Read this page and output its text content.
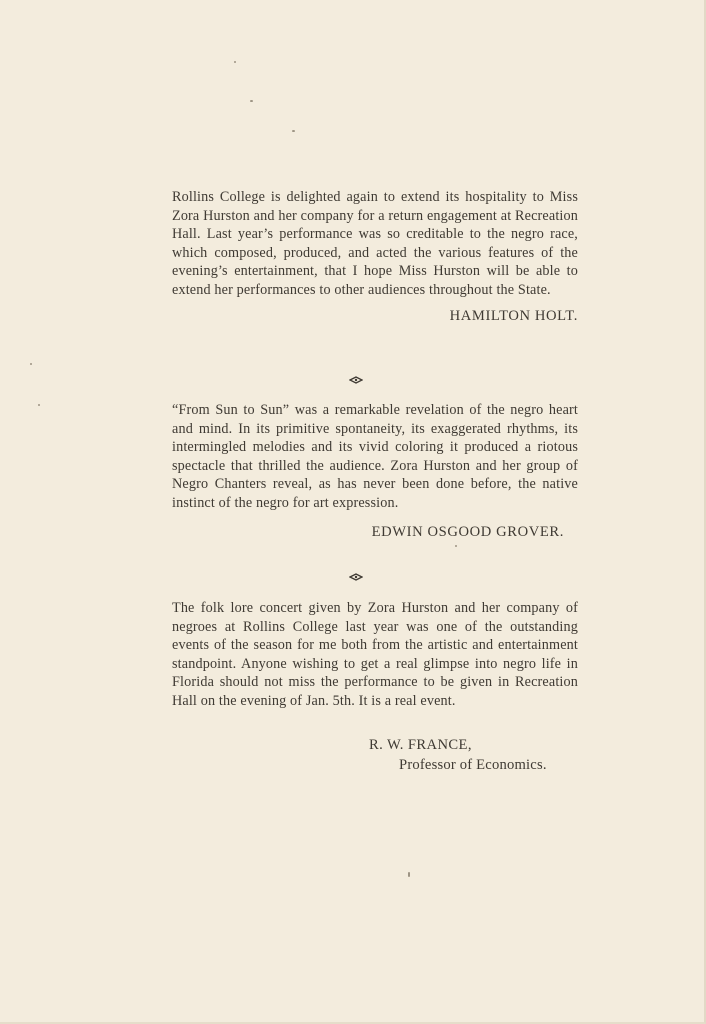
Rollins College is delighted again to extend its hospitality to Miss Zora Hurston and her company for a return engagement at Recreation Hall. Last year’s performance was so creditable to the negro race, which composed, produced, and acted the various features of the evening’s entertainment, that I hope Miss Hurston will be able to extend her performances to other audiences throughout the State.

HAMILTON HOLT.

“From Sun to Sun” was a remarkable revelation of the negro heart and mind. In its primitive spontaneity, its exaggerated rhythms, its intermingled melodies and its vivid coloring it produced a riotous spectacle that thrilled the audience. Zora Hurston and her group of Negro Chanters reveal, as has never been done before, the native instinct of the negro for art expression.

EDWIN OSGOOD GROVER.

The folk lore concert given by Zora Hurston and her company of negroes at Rollins College last year was one of the outstanding events of the season for me both from the artistic and entertainment standpoint. Anyone wishing to get a real glimpse into negro life in Florida should not miss the performance to be given in Recreation Hall on the evening of Jan. 5th. It is a real event.

R. W. FRANCE,
Professor of Economics.
